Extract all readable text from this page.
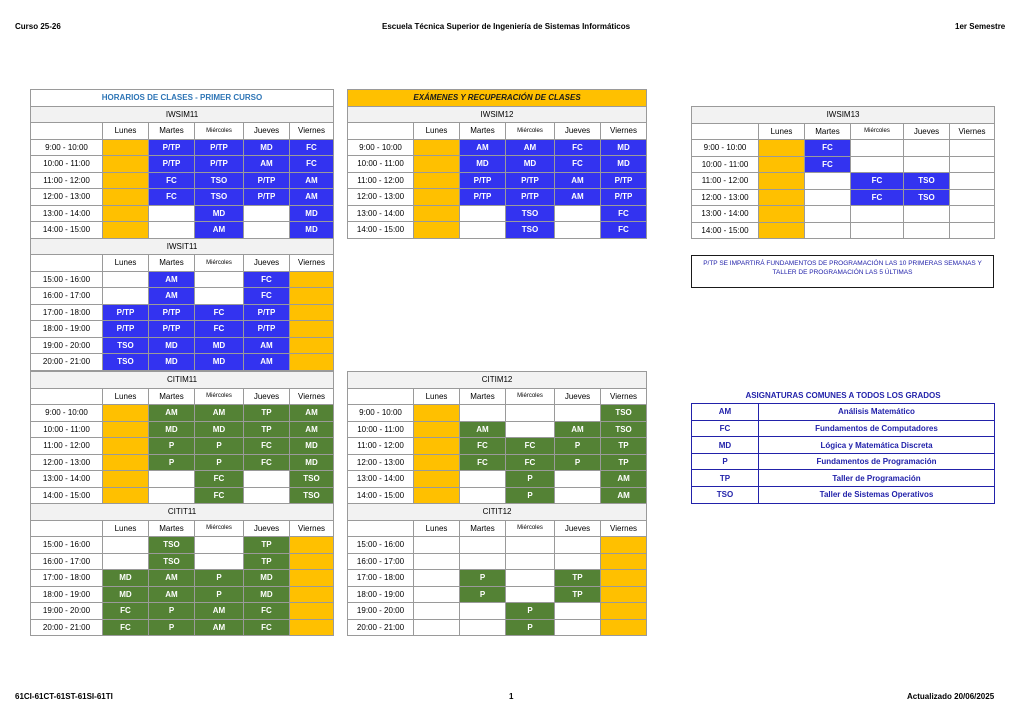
Curso 25-26	Escuela Técnica Superior de Ingeniería de Sistemas Informáticos	1er Semestre
61CI-61CT-61ST-61SI-61TI	1	Actualizado 20/06/2025
HORARIOS DE CLASES - PRIMER CURSO					
IWSIM11					
	Lunes	Martes	Miércoles	Jueves	Viernes
9:00 - 10:00		P/TP	P/TP	MD	FC
10:00 - 11:00		P/TP	P/TP	AM	FC
11:00 - 12:00		FC	TSO	P/TP	AM
12:00 - 13:00		FC	TSO	P/TP	AM
13:00 - 14:00			MD		MD
14:00 - 15:00			AM		MD
IWSIT11					
	Lunes	Martes	Miércoles	Jueves	Viernes
15:00 - 16:00		AM		FC	
16:00 - 17:00		AM		FC	
17:00 - 18:00	P/TP	P/TP	FC	P/TP	
18:00 - 19:00	P/TP	P/TP	FC	P/TP	
19:00 - 20:00	TSO	MD	MD	AM	
20:00 - 21:00	TSO	MD	MD	AM	
EXÁMENES Y RECUPERACIÓN DE CLASES					
IWSIM12					
	Lunes	Martes	Miércoles	Jueves	Viernes
9:00 - 10:00		AM	AM	FC	MD
10:00 - 11:00		MD	MD	FC	MD
11:00 - 12:00		P/TP	P/TP	AM	P/TP
12:00 - 13:00		P/TP	P/TP	AM	P/TP
13:00 - 14:00			TSO		FC
14:00 - 15:00			TSO		FC
IWSIM13					
	Lunes	Martes	Miércoles	Jueves	Viernes
9:00 - 10:00		FC			
10:00 - 11:00		FC			
11:00 - 12:00			FC	TSO	
12:00 - 13:00			FC	TSO	
13:00 - 14:00					
14:00 - 15:00					
P/TP SE IMPARTIRÁ FUNDAMENTOS DE PROGRAMACIÓN LAS 10 PRIMERAS SEMANAS Y TALLER DE PROGRAMACIÓN LAS 5 ÚLTIMAS
CITIM11					
	Lunes	Martes	Miércoles	Jueves	Viernes
9:00 - 10:00		AM	AM	TP	AM
10:00 - 11:00		MD	MD	TP	AM
11:00 - 12:00		P	P	FC	MD
12:00 - 13:00		P	P	FC	MD
13:00 - 14:00			FC		TSO
14:00 - 15:00			FC		TSO
CITIT11					
	Lunes	Martes	Miércoles	Jueves	Viernes
15:00 - 16:00		TSO		TP	
16:00 - 17:00		TSO		TP	
17:00 - 18:00	MD	AM	P	MD	
18:00 - 19:00	MD	AM	P	MD	
19:00 - 20:00	FC	P	AM	FC	
20:00 - 21:00	FC	P	AM	FC	
CITIM12					
	Lunes	Martes	Miércoles	Jueves	Viernes
9:00 - 10:00					TSO
10:00 - 11:00		AM		AM	TSO
11:00 - 12:00		FC	FC	P	TP
12:00 - 13:00		FC	FC	P	TP
13:00 - 14:00			P		AM
14:00 - 15:00			P		AM
CITIT12					
	Lunes	Martes	Miércoles	Jueves	Viernes
15:00 - 16:00					
16:00 - 17:00					
17:00 - 18:00		P		TP	
18:00 - 19:00		P		TP	
19:00 - 20:00			P		
20:00 - 21:00			P		
ASIGNATURAS COMUNES A TODOS LOS GRADOS	
AM	Análisis Matemático
FC	Fundamentos de Computadores
MD	Lógica y Matemática Discreta
P	Fundamentos de Programación
TP	Taller de Programación
TSO	Taller de Sistemas Operativos
